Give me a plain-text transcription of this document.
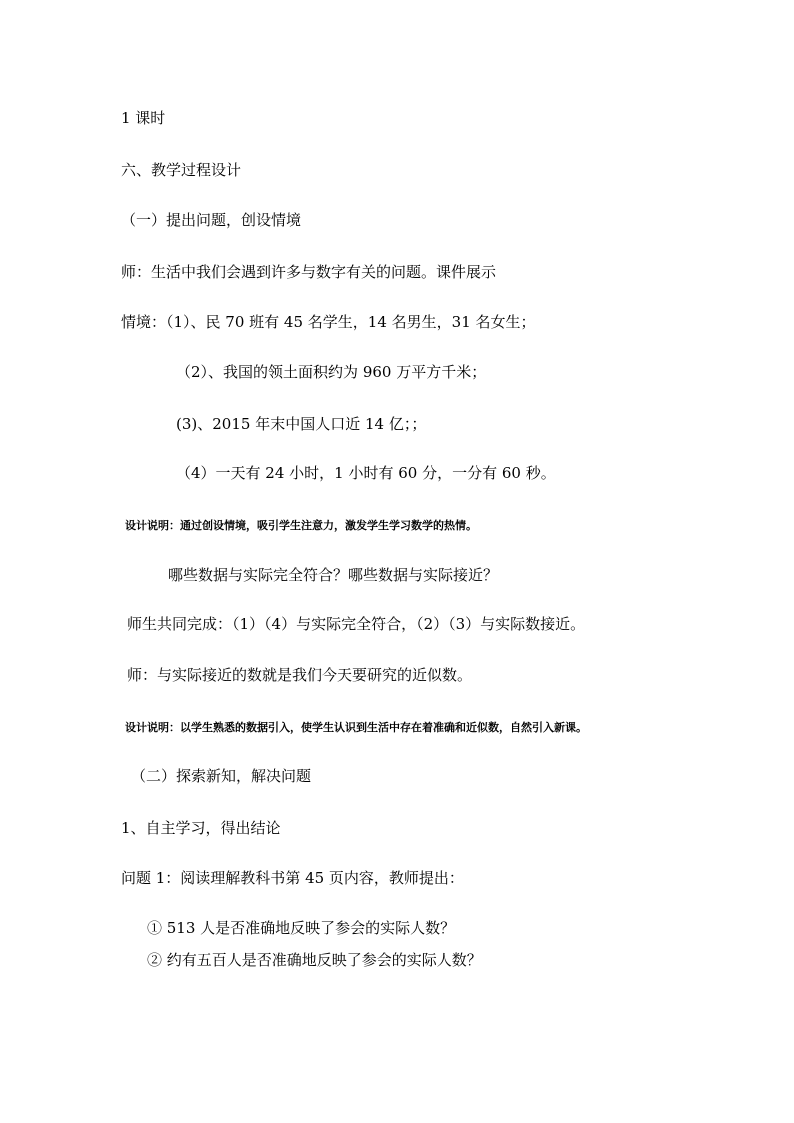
1 课时
六、教学过程设计
（一）提出问题，创设情境
师：生活中我们会遇到许多与数字有关的问题。课件展示
情境：（1）、民 70 班有 45 名学生，14 名男生，31 名女生；
（2）、我国的领土面积约为 960 万平方千米；
(3)、2015 年末中国人口近 14 亿；；
（4）一天有 24 小时，1 小时有 60 分，一分有 60 秒。
设计说明：通过创设情境，吸引学生注意力，激发学生学习数学的热情。
哪些数据与实际完全符合？哪些数据与实际接近？
师生共同完成：（1）（4）与实际完全符合，（2）（3）与实际数接近。
师：与实际接近的数就是我们今天要研究的近似数。
设计说明：以学生熟悉的数据引入，使学生认识到生活中存在着准确和近似数，自然引入新课。
（二）探索新知，解决问题
1、自主学习，得出结论
问题 1：阅读理解教科书第 45 页内容，教师提出：
① 513 人是否准确地反映了参会的实际人数？
② 约有五百人是否准确地反映了参会的实际人数？
